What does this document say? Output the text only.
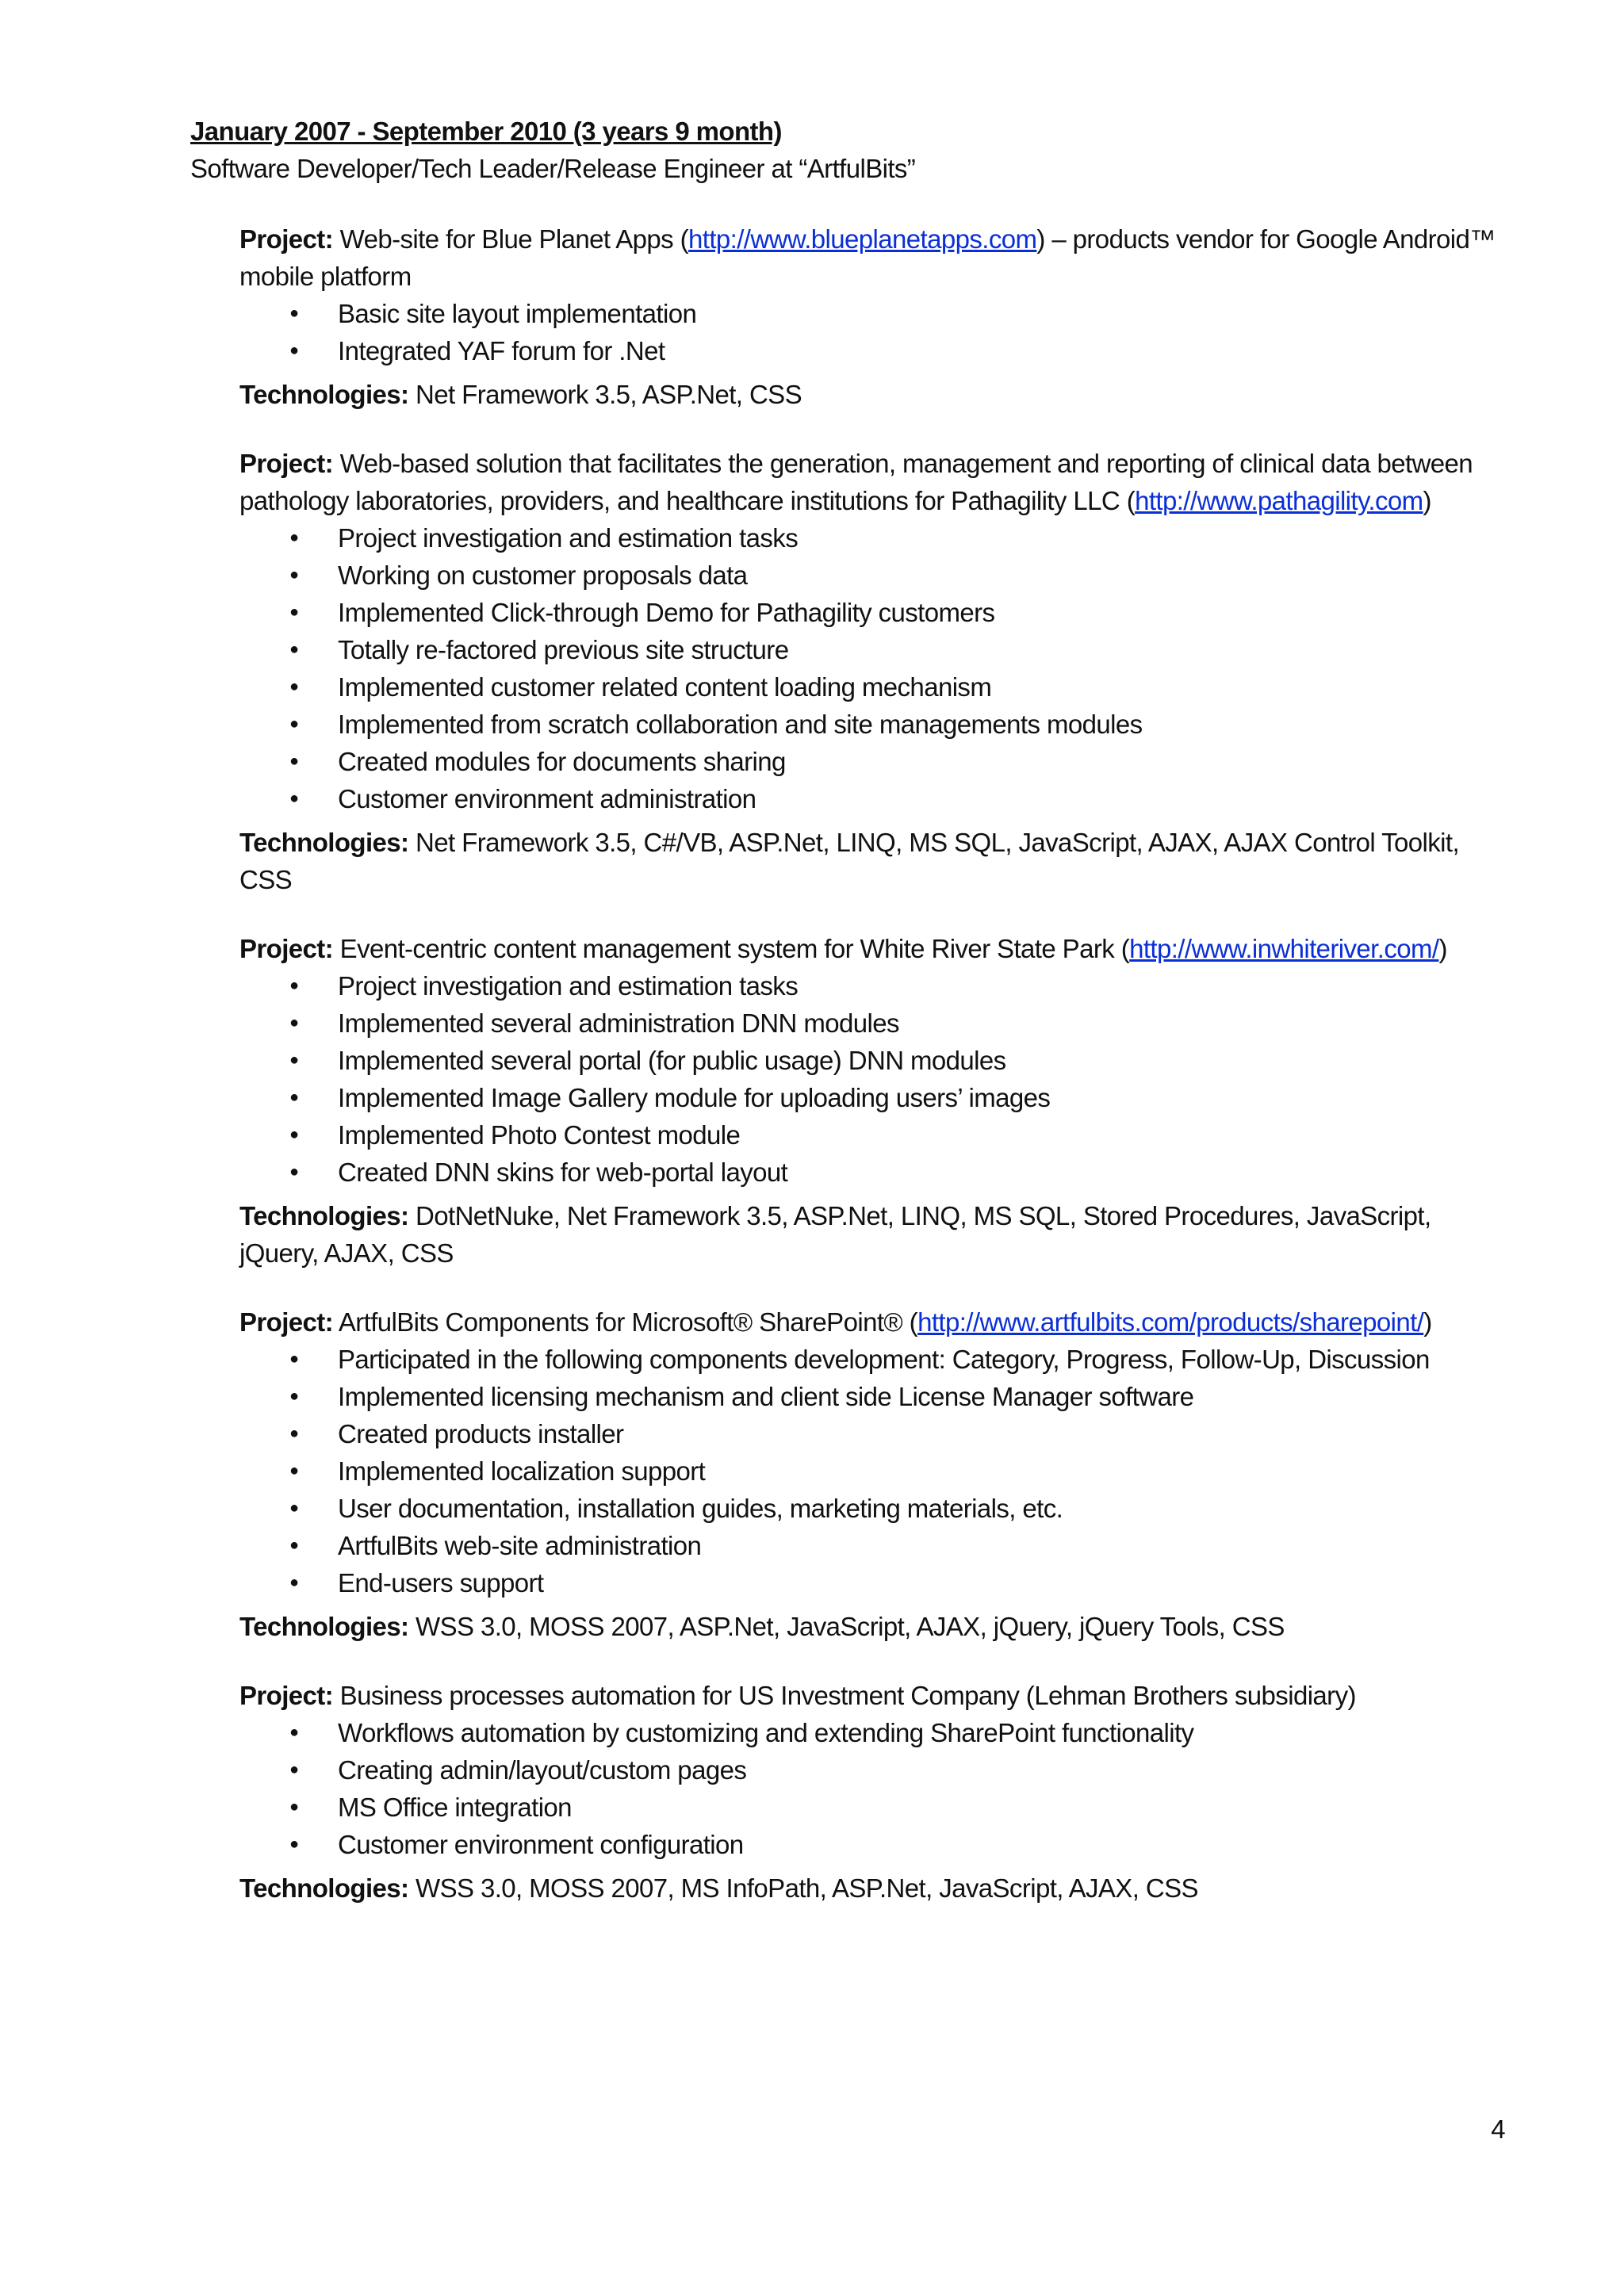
January 2007 - September 2010 (3 years 9 month)
Software Developer/Tech Leader/Release Engineer at “ArtfulBits”

Project: Web-site for Blue Planet Apps (http://www.blueplanetapps.com) – products vendor for Google Android™ mobile platform

● Basic site layout implementation
● Integrated YAF forum for .Net

Technologies: Net Framework 3.5, ASP.Net, CSS

Project: Web-based solution that facilitates the generation, management and reporting of clinical data between pathology laboratories, providers, and healthcare institutions for Pathagility LLC (http://www.pathagility.com)

● Project investigation and estimation tasks
● Working on customer proposals data
● Implemented Click-through Demo for Pathagility customers
● Totally re-factored previous site structure
● Implemented customer related content loading mechanism
● Implemented from scratch collaboration and site managements modules
● Created modules for documents sharing
● Customer environment administration

Technologies: Net Framework 3.5, C#/VB, ASP.Net, LINQ, MS SQL, JavaScript, AJAX, AJAX Control Toolkit, CSS

Project: Event-centric content management system for White River State Park (http://www.inwhiteriver.com/)

● Project investigation and estimation tasks
● Implemented several administration DNN modules
● Implemented several portal (for public usage) DNN modules
● Implemented Image Gallery module for uploading users’ images
● Implemented Photo Contest module
● Created DNN skins for web-portal layout

Technologies: DotNetNuke, Net Framework 3.5, ASP.Net, LINQ, MS SQL, Stored Procedures, JavaScript, jQuery, AJAX, CSS

Project: ArtfulBits Components for Microsoft® SharePoint® (http://www.artfulbits.com/products/sharepoint/)

● Participated in the following components development: Category, Progress, Follow-Up, Discussion
● Implemented licensing mechanism and client side License Manager software
● Created products installer
● Implemented localization support
● User documentation, installation guides, marketing materials, etc.
● ArtfulBits web-site administration
● End-users support

Technologies: WSS 3.0, MOSS 2007, ASP.Net, JavaScript, AJAX, jQuery, jQuery Tools, CSS

Project: Business processes automation for US Investment Company (Lehman Brothers subsidiary)

● Workflows automation by customizing and extending SharePoint functionality
● Creating admin/layout/custom pages
● MS Office integration
● Customer environment configuration

Technologies: WSS 3.0, MOSS 2007, MS InfoPath, ASP.Net, JavaScript, AJAX, CSS

4
